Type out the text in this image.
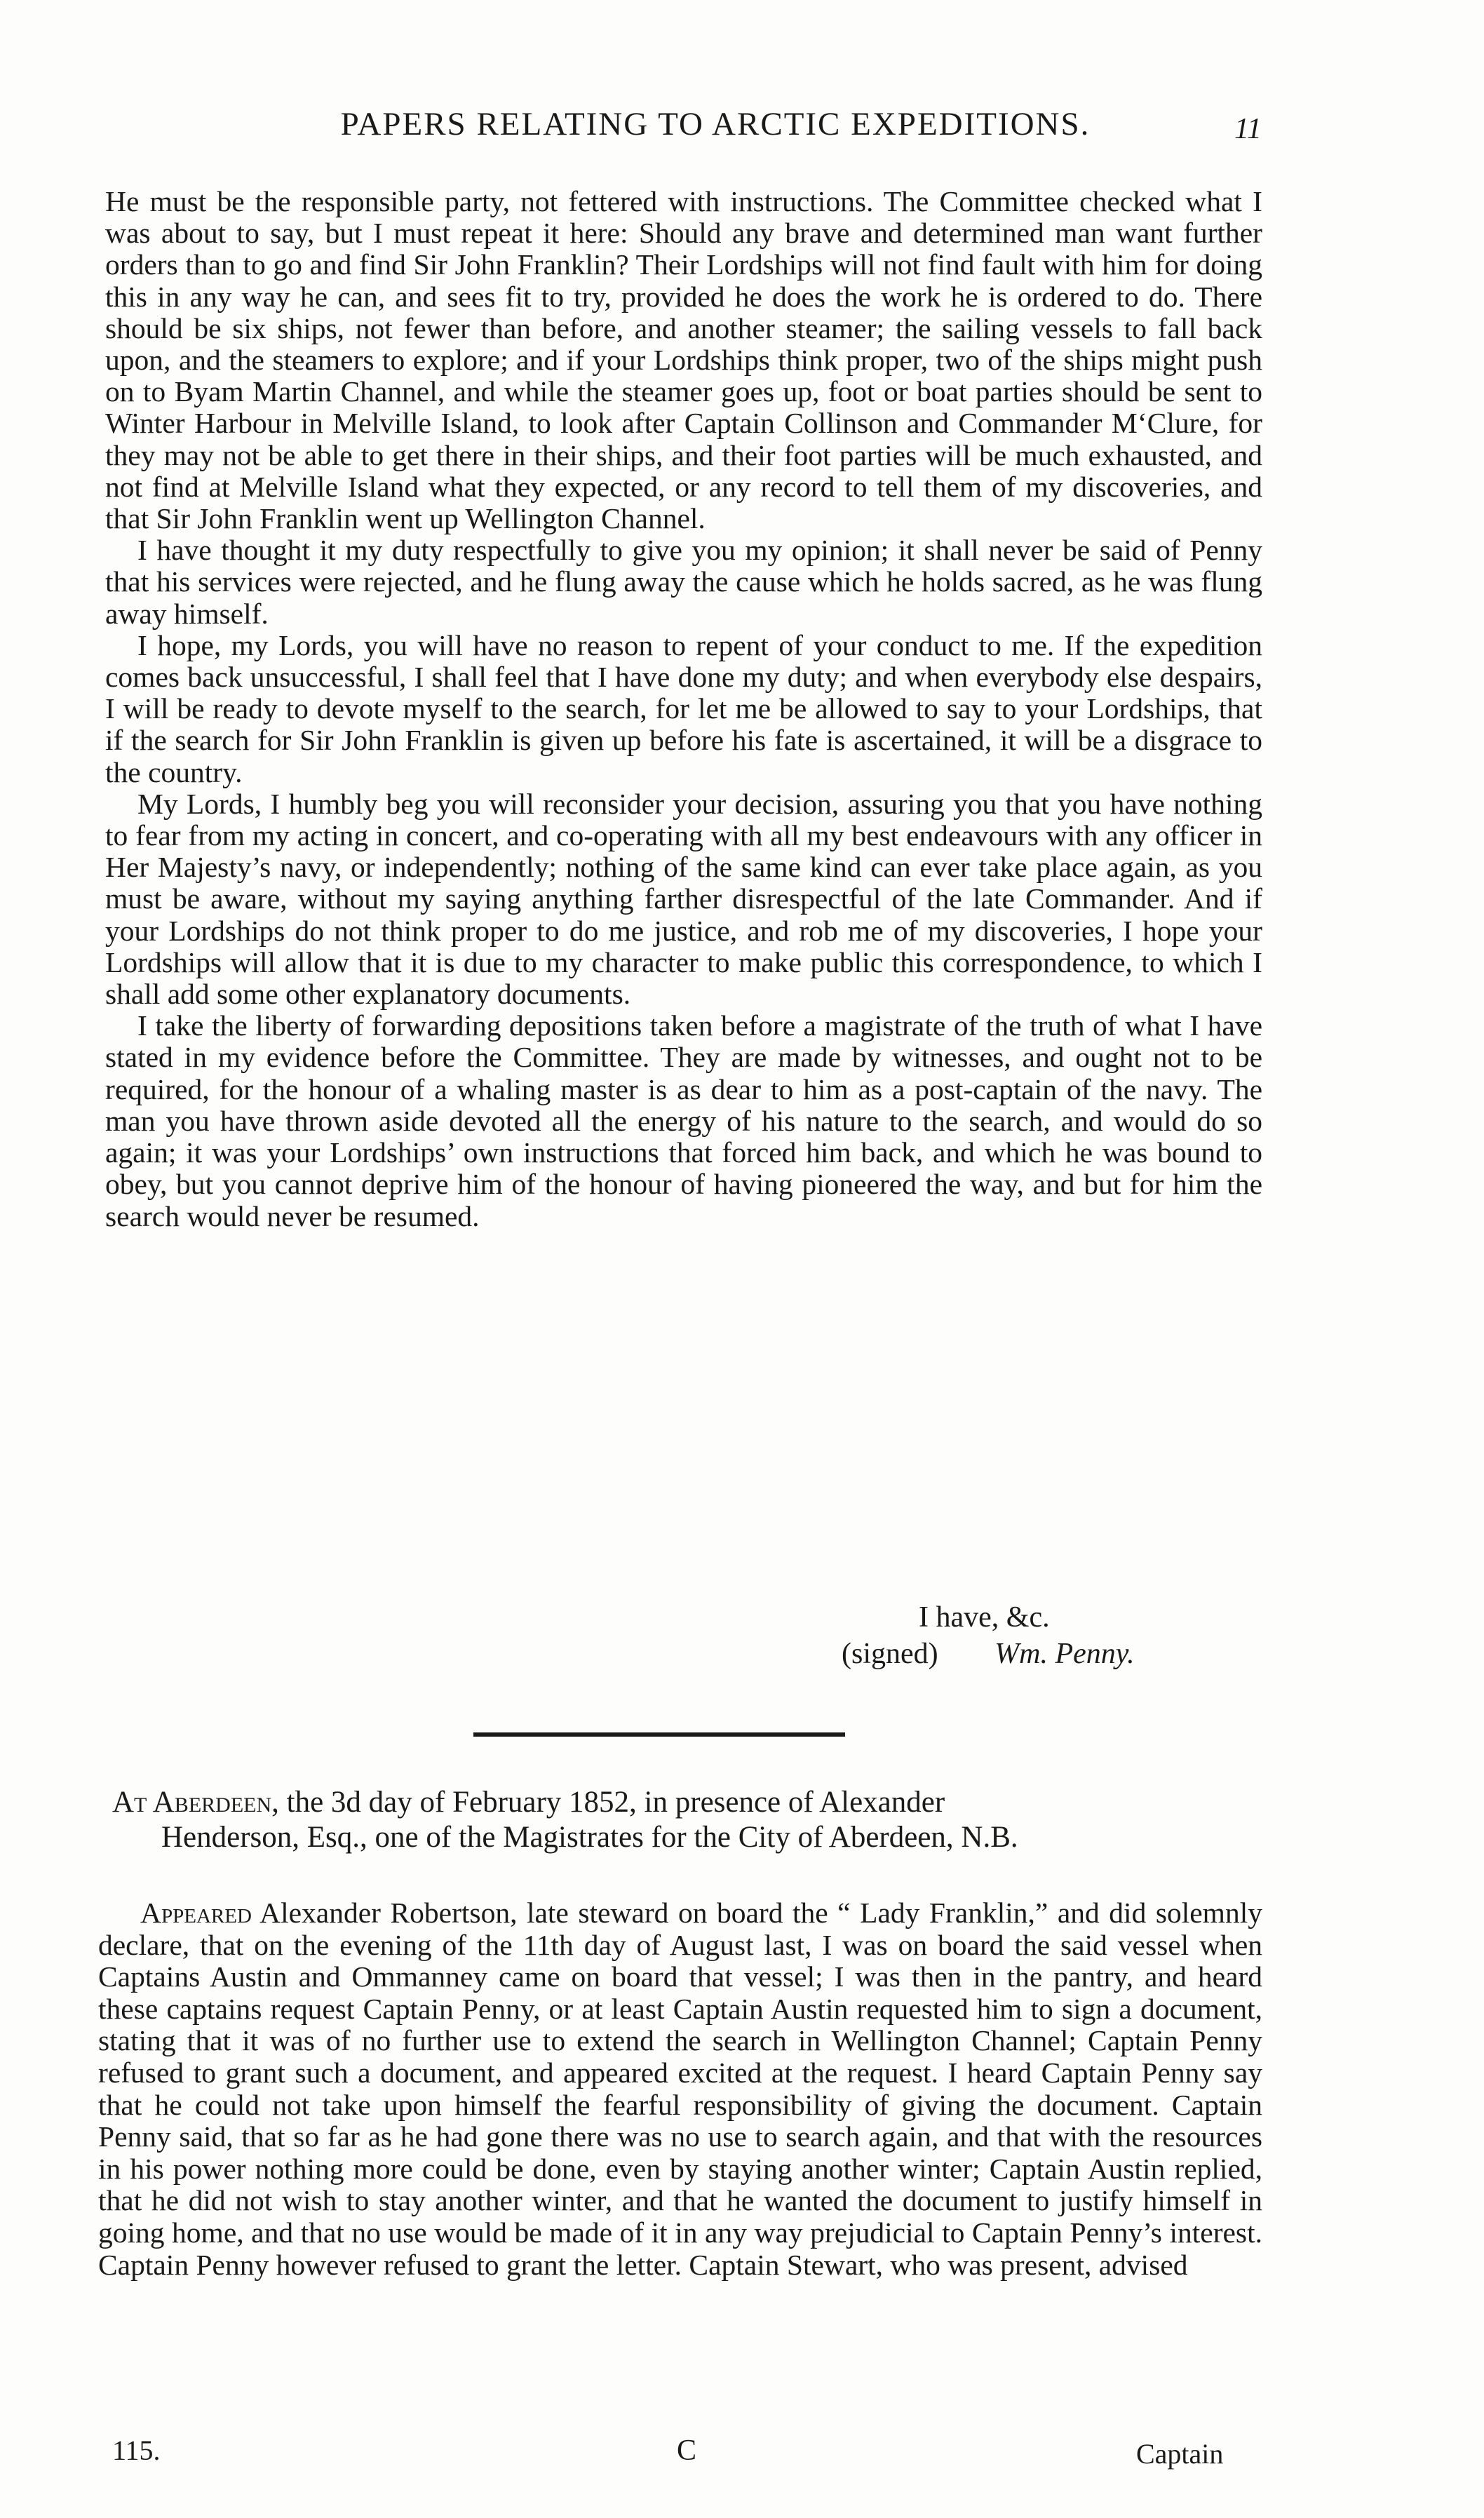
PAPERS RELATING TO ARCTIC EXPEDITIONS.	11

He must be the responsible party, not fettered with instructions. The Committee checked what I was about to say, but I must repeat it here: Should any brave and determined man want further orders than to go and find Sir John Franklin? Their Lordships will not find fault with him for doing this in any way he can, and sees fit to try, provided he does the work he is ordered to do. There should be six ships, not fewer than before, and another steamer; the sailing vessels to fall back upon, and the steamers to explore; and if your Lordships think proper, two of the ships might push on to Byam Martin Channel, and while the steamer goes up, foot or boat parties should be sent to Winter Harbour in Melville Island, to look after Captain Collinson and Commander M‘Clure, for they may not be able to get there in their ships, and their foot parties will be much exhausted, and not find at Melville Island what they expected, or any record to tell them of my discoveries, and that Sir John Franklin went up Wellington Channel.

I have thought it my duty respectfully to give you my opinion; it shall never be said of Penny that his services were rejected, and he flung away the cause which he holds sacred, as he was flung away himself.

I hope, my Lords, you will have no reason to repent of your conduct to me. If the expedition comes back unsuccessful, I shall feel that I have done my duty; and when everybody else despairs, I will be ready to devote myself to the search, for let me be allowed to say to your Lordships, that if the search for Sir John Franklin is given up before his fate is ascertained, it will be a disgrace to the country.

My Lords, I humbly beg you will reconsider your decision, assuring you that you have nothing to fear from my acting in concert, and co-operating with all my best endeavours with any officer in Her Majesty’s navy, or independently; nothing of the same kind can ever take place again, as you must be aware, without my saying anything farther disrespectful of the late Commander. And if your Lordships do not think proper to do me justice, and rob me of my discoveries, I hope your Lordships will allow that it is due to my character to make public this correspondence, to which I shall add some other explanatory documents.

I take the liberty of forwarding depositions taken before a magistrate of the truth of what I have stated in my evidence before the Committee. They are made by witnesses, and ought not to be required, for the honour of a whaling master is as dear to him as a post-captain of the navy. The man you have thrown aside devoted all the energy of his nature to the search, and would do so again; it was your Lordships’ own instructions that forced him back, and which he was bound to obey, but you cannot deprive him of the honour of having pioneered the way, and but for him the search would never be resumed.

I have, &c.
(signed) Wm. Penny.
At Aberdeen, the 3d day of February 1852, in presence of Alexander
Henderson, Esq., one of the Magistrates for the City of Aberdeen, N.B.

Appeared Alexander Robertson, late steward on board the “ Lady Franklin,” and did solemnly declare, that on the evening of the 11th day of August last, I was on board the said vessel when Captains Austin and Ommanney came on board that vessel; I was then in the pantry, and heard these captains request Captain Penny, or at least Captain Austin requested him to sign a document, stating that it was of no further use to extend the search in Wellington Channel; Captain Penny refused to grant such a document, and appeared excited at the request. I heard Captain Penny say that he could not take upon himself the fearful responsibility of giving the document. Captain Penny said, that so far as he had gone there was no use to search again, and that with the resources in his power nothing more could be done, even by staying another winter; Captain Austin replied, that he did not wish to stay another winter, and that he wanted the document to justify himself in going home, and that no use would be made of it in any way prejudicial to Captain Penny’s interest. Captain Penny however refused to grant the letter. Captain Stewart, who was present, advised

115.	C	Captain
